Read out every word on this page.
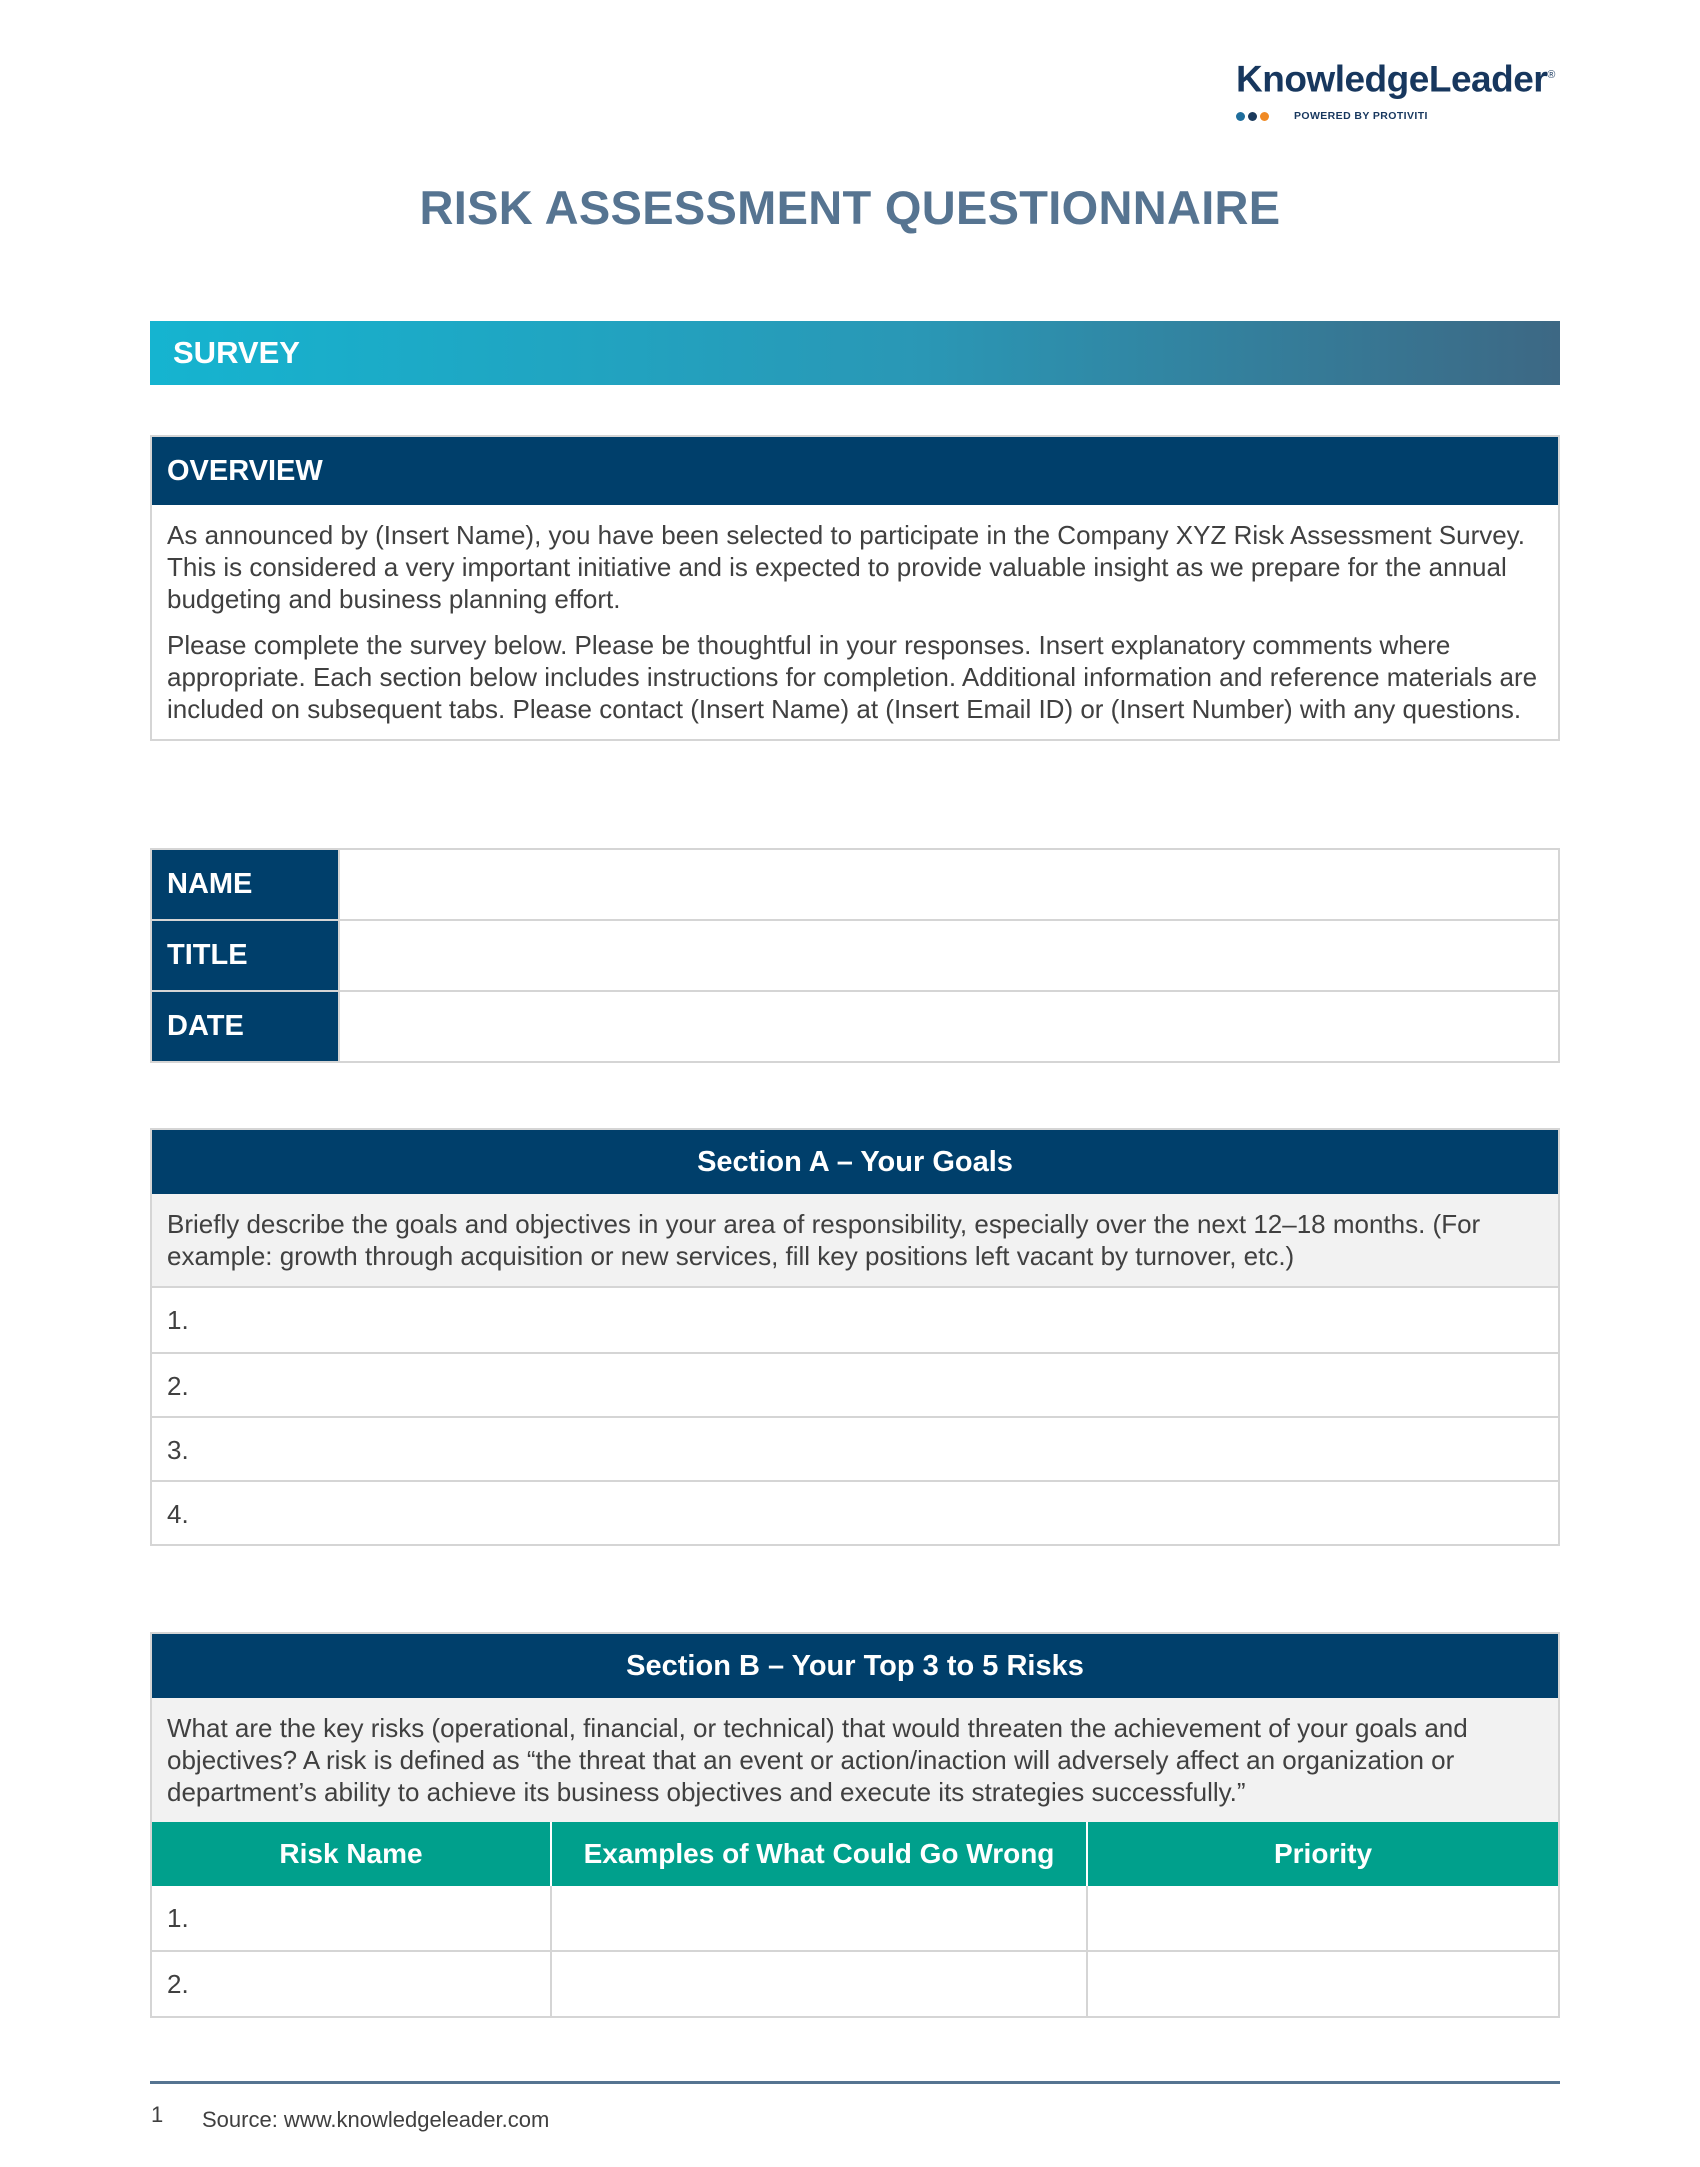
KnowledgeLeader®
POWERED BY PROTIVITI
RISK ASSESSMENT QUESTIONNAIRE
SURVEY
OVERVIEW
As announced by (Insert Name), you have been selected to participate in the Company XYZ Risk Assessment Survey. This is considered a very important initiative and is expected to provide valuable insight as we prepare for the annual budgeting and business planning effort.
Please complete the survey below. Please be thoughtful in your responses. Insert explanatory comments where appropriate. Each section below includes instructions for completion. Additional information and reference materials are included on subsequent tabs. Please contact (Insert Name) at (Insert Email ID) or (Insert Number) with any questions.
NAME
TITLE
DATE
Section A – Your Goals
Briefly describe the goals and objectives in your area of responsibility, especially over the next 12–18 months. (For example: growth through acquisition or new services, fill key positions left vacant by turnover, etc.)
1.
2.
3.
4.
Section B – Your Top 3 to 5 Risks
What are the key risks (operational, financial, or technical) that would threaten the achievement of your goals and objectives? A risk is defined as “the threat that an event or action/inaction will adversely affect an organization or department’s ability to achieve its business objectives and execute its strategies successfully.”
Risk Name	Examples of What Could Go Wrong	Priority
1.
2.
1 Source: www.knowledgeleader.com
